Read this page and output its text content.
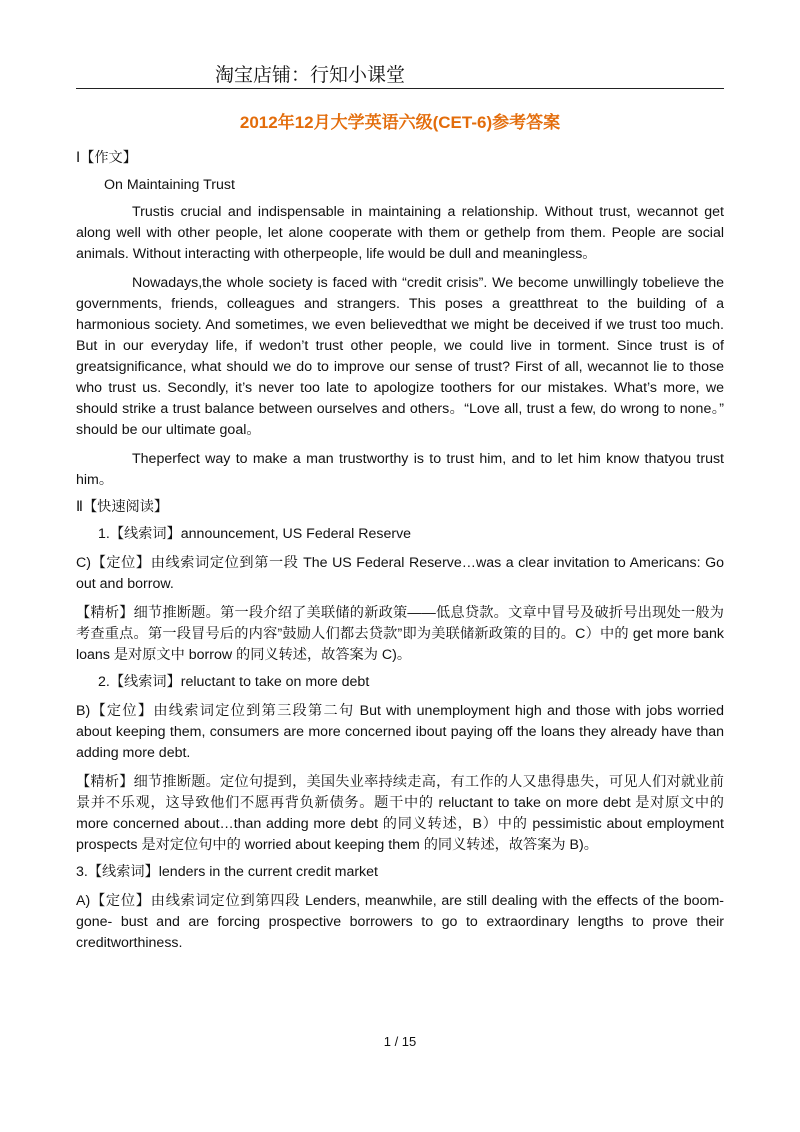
淘宝店铺：行知小课堂
2012年12月大学英语六级(CET-6)参考答案

Ⅰ【作文】

On Maintaining Trust

Trustis crucial and indispensable in maintaining a relationship. Without trust, wecannot get along well with other people, let alone cooperate with them or gethelp from them. People are social animals. Without interacting with otherpeople, life would be dull and meaningless。

Nowadays,the whole society is faced with “credit crisis”. We become unwillingly tobelieve the governments, friends, colleagues and strangers. This poses a greatthreat to the building of a harmonious society. And sometimes, we even believedthat we might be deceived if we trust too much. But in our everyday life, if wedon’t trust other people, we could live in torment. Since trust is of greatsignificance, what should we do to improve our sense of trust? First of all, wecannot lie to those who trust us. Secondly, it’s never too late to apologize toothers for our mistakes. What’s more, we should strike a trust balance between ourselves and others。“Love all, trust a few, do wrong to none。” should be our ultimate goal。

Theperfect way to make a man trustworthy is to trust him, and to let him know thatyou trust him。

Ⅱ【快速阅读】

1.【线索词】announcement, US Federal Reserve

C)【定位】由线索词定位到第一段 The US Federal Reserve…was a clear invitation to Americans: Go out and borrow.

【精析】细节推断题。第一段介绍了美联储的新政策——低息贷款。文章中冒号及破折号出现处一般为考查重点。第一段冒号后的内容”鼓励人们都去贷款”即为美联储新政策的目的。C）中的 get more bank loans 是对原文中 borrow 的同义转述，故答案为 C)。

2.【线索词】reluctant to take on more debt

B)【定位】由线索词定位到第三段第二句 But with unemployment high and those with jobs worried about keeping them, consumers are more concerned ibout paying off the loans they already have than adding more debt.

【精析】细节推断题。定位句提到，美国失业率持续走高，有工作的人又患得患失，可见人们对就业前景并不乐观，这导致他们不愿再背负新债务。题干中的 reluctant to take on more debt 是对原文中的 more concerned about…than adding more debt 的同义转述，B）中的 pessimistic about employment prospects 是对定位句中的 worried about keeping them 的同义转述，故答案为 B)。

3.【线索词】lenders in the current credit market

A)【定位】由线索词定位到第四段 Lenders, meanwhile, are still dealing with the effects of the boom-gone- bust and are forcing prospective borrowers to go to extraordinary lengths to prove their creditworthiness.

1 / 15
